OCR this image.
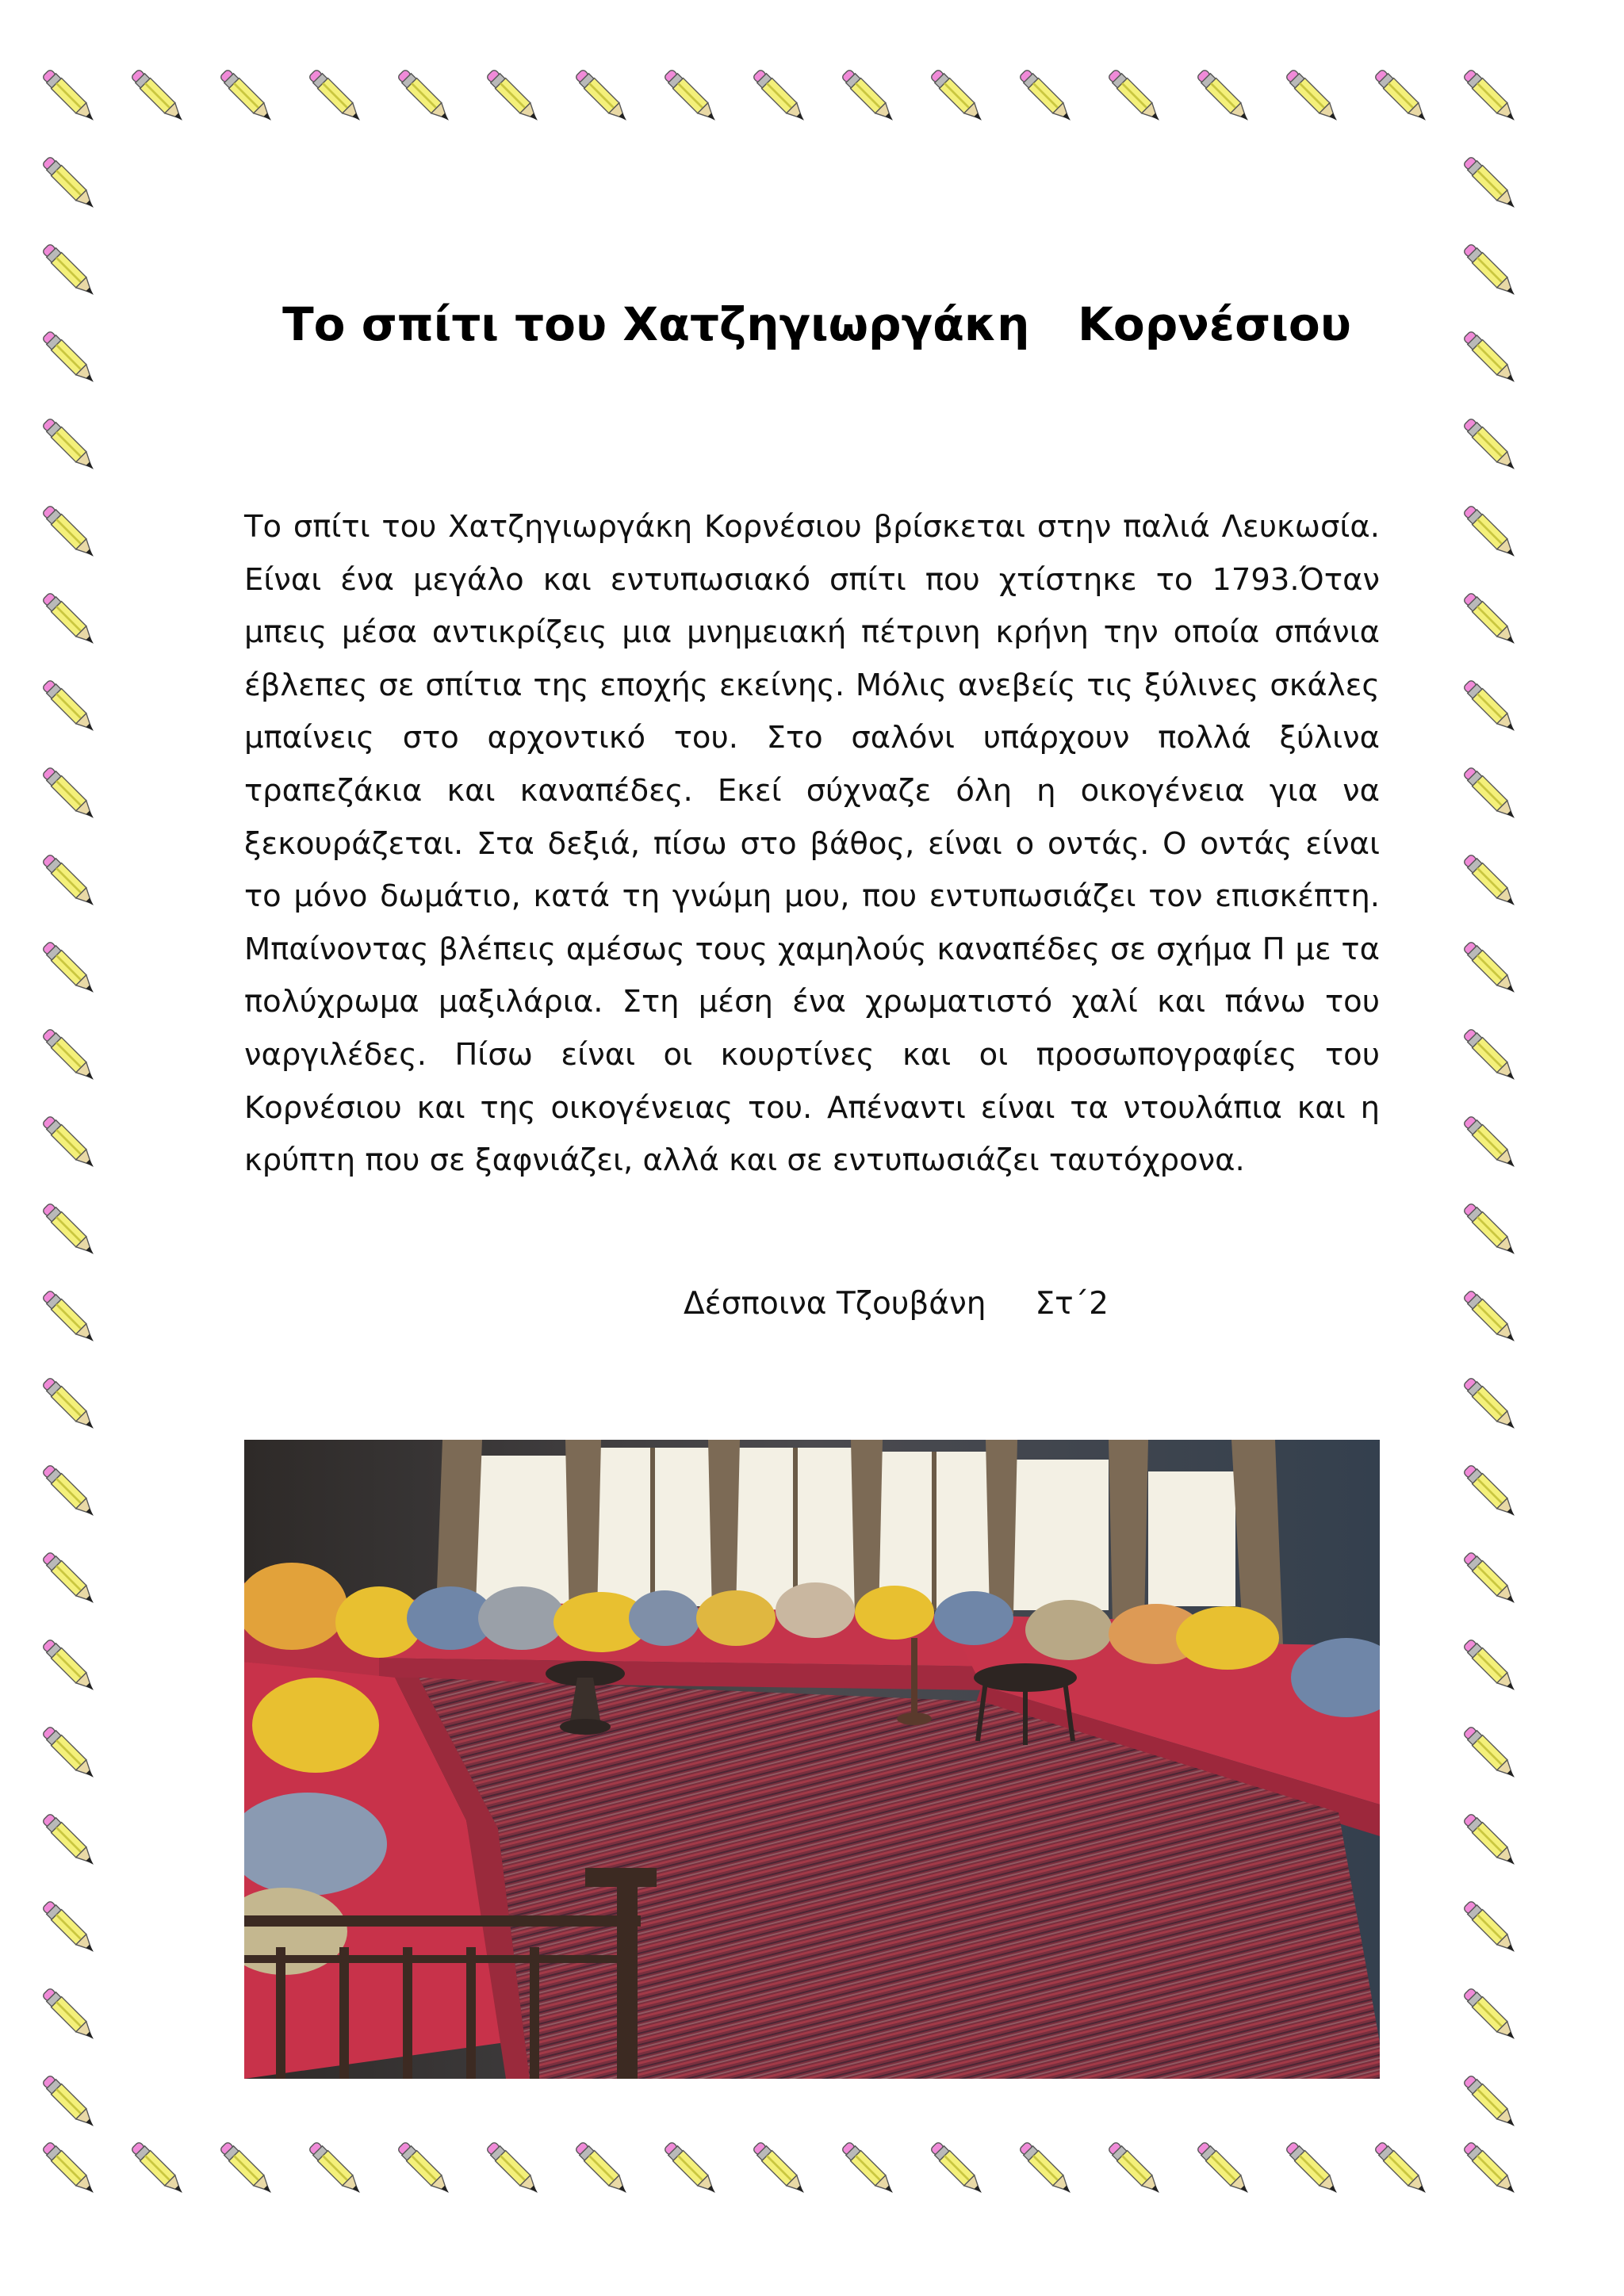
Το σπίτι του Χατζηγιωργάκη   Κορνέσιου
Το σπίτι του Χατζηγιωργάκη Κορνέσιου βρίσκεται στην παλιά Λευκωσία. Είναι ένα μεγάλο και εντυπωσιακό σπίτι που χτίστηκε το 1793.Όταν μπεις μέσα αντικρίζεις μια μνημειακή πέτρινη κρήνη την οποία σπάνια έβλεπες σε σπίτια της εποχής εκείνης. Μόλις ανεβείς τις ξύλινες σκάλες μπαίνεις στο αρχοντικό του. Στο σαλόνι υπάρχουν πολλά ξύλινα τραπεζάκια και καναπέδες. Εκεί σύχναζε όλη η οικογένεια για να ξεκουράζεται. Στα δεξιά, πίσω στο βάθος, είναι ο οντάς. Ο οντάς είναι το μόνο δωμάτιο, κατά τη γνώμη μου, που εντυπωσιάζει τον επισκέπτη. Μπαίνοντας βλέπεις αμέσως τους χαμηλούς καναπέδες σε σχήμα Π με τα πολύχρωμα μαξιλάρια. Στη μέση ένα χρωματιστό χαλί και πάνω του ναργιλέδες. Πίσω είναι οι κουρτίνες και οι προσωπογραφίες του Κορνέσιου και της οικογένειας του. Απέναντι είναι τα ντουλάπια και η κρύπτη που σε ξαφνιάζει, αλλά και σε εντυπωσιάζει ταυτόχρονα.
Δέσποινα Τζουβάνη     Στ΄2
